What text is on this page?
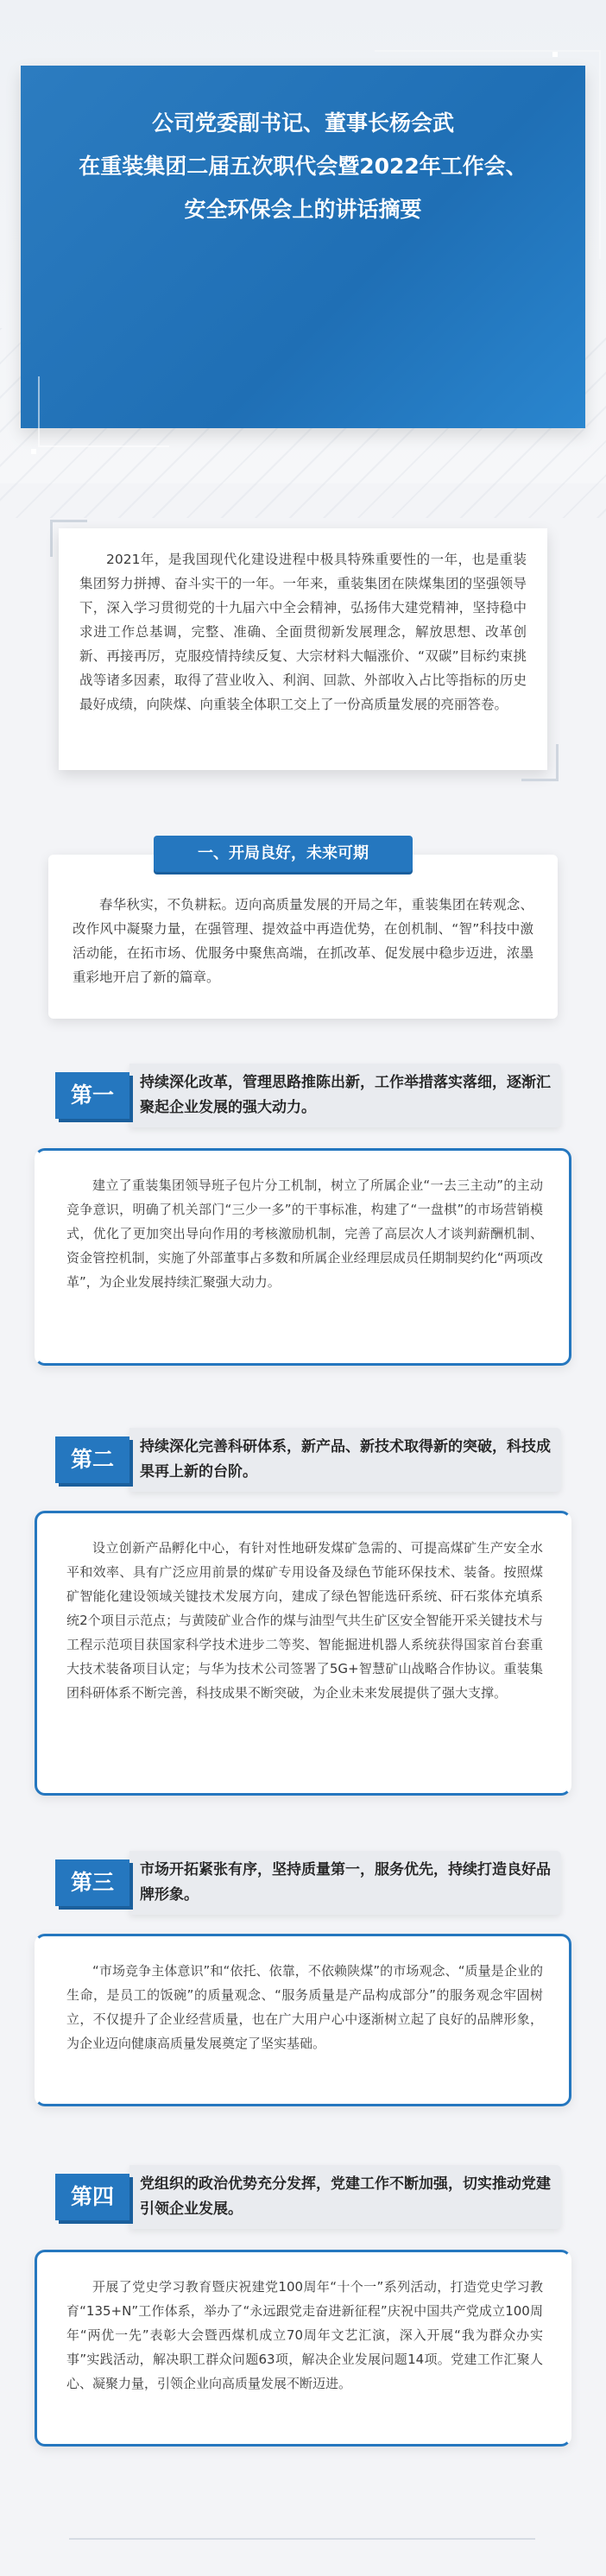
公司党委副书记、董事长杨会武
在重装集团二届五次职代会暨2022年工作会、
安全环保会上的讲话摘要
2021年，是我国现代化建设进程中极具特殊重要性的一年，也是重装集团努力拼搏、奋斗实干的一年。一年来，重装集团在陕煤集团的坚强领导下，深入学习贯彻党的十九届六中全会精神，弘扬伟大建党精神，坚持稳中求进工作总基调，完整、准确、全面贯彻新发展理念，解放思想、改革创新、再接再厉，克服疫情持续反复、大宗材料大幅涨价、“双碳”目标约束挑战等诸多因素，取得了营业收入、利润、回款、外部收入占比等指标的历史最好成绩，向陕煤、向重装全体职工交上了一份高质量发展的亮丽答卷。
春华秋实，不负耕耘。迈向高质量发展的开局之年，重装集团在转观念、改作风中凝聚力量，在强管理、提效益中再造优势，在创机制、“智”科技中激活动能，在拓市场、优服务中聚焦高端，在抓改革、促发展中稳步迈进，浓墨重彩地开启了新的篇章。
一、开局良好，未来可期
第一	持续深化改革，管理思路推陈出新，工作举措落实落细，逐渐汇聚起企业发展的强大动力。
建立了重装集团领导班子包片分工机制，树立了所属企业“一去三主动”的主动竞争意识，明确了机关部门“三少一多”的干事标准，构建了“一盘棋”的市场营销模式，优化了更加突出导向作用的考核激励机制，完善了高层次人才谈判薪酬机制、资金管控机制，实施了外部董事占多数和所属企业经理层成员任期制契约化“两项改革”，为企业发展持续汇聚强大动力。
第二	持续深化完善科研体系，新产品、新技术取得新的突破，科技成果再上新的台阶。
设立创新产品孵化中心，有针对性地研发煤矿急需的、可提高煤矿生产安全水平和效率、具有广泛应用前景的煤矿专用设备及绿色节能环保技术、装备。按照煤矿智能化建设领域关键技术发展方向，建成了绿色智能选矸系统、矸石浆体充填系统2个项目示范点；与黄陵矿业合作的煤与油型气共生矿区安全智能开采关键技术与工程示范项目获国家科学技术进步二等奖、智能掘进机器人系统获得国家首台套重大技术装备项目认定；与华为技术公司签署了5G+智慧矿山战略合作协议。重装集团科研体系不断完善，科技成果不断突破，为企业未来发展提供了强大支撑。
第三	市场开拓紧张有序，坚持质量第一，服务优先，持续打造良好品牌形象。
“市场竞争主体意识”和“依托、依靠，不依赖陕煤”的市场观念、“质量是企业的生命，是员工的饭碗”的质量观念、“服务质量是产品构成部分”的服务观念牢固树立，不仅提升了企业经营质量，也在广大用户心中逐渐树立起了良好的品牌形象，为企业迈向健康高质量发展奠定了坚实基础。
第四	党组织的政治优势充分发挥，党建工作不断加强，切实推动党建引领企业发展。
开展了党史学习教育暨庆祝建党100周年“十个一”系列活动，打造党史学习教育“135+N”工作体系，举办了“永远跟党走奋进新征程”庆祝中国共产党成立100周年“两优一先”表彰大会暨西煤机成立70周年文艺汇演，深入开展“我为群众办实事”实践活动，解决职工群众问题63项，解决企业发展问题14项。党建工作汇聚人心、凝聚力量，引领企业向高质量发展不断迈进。
